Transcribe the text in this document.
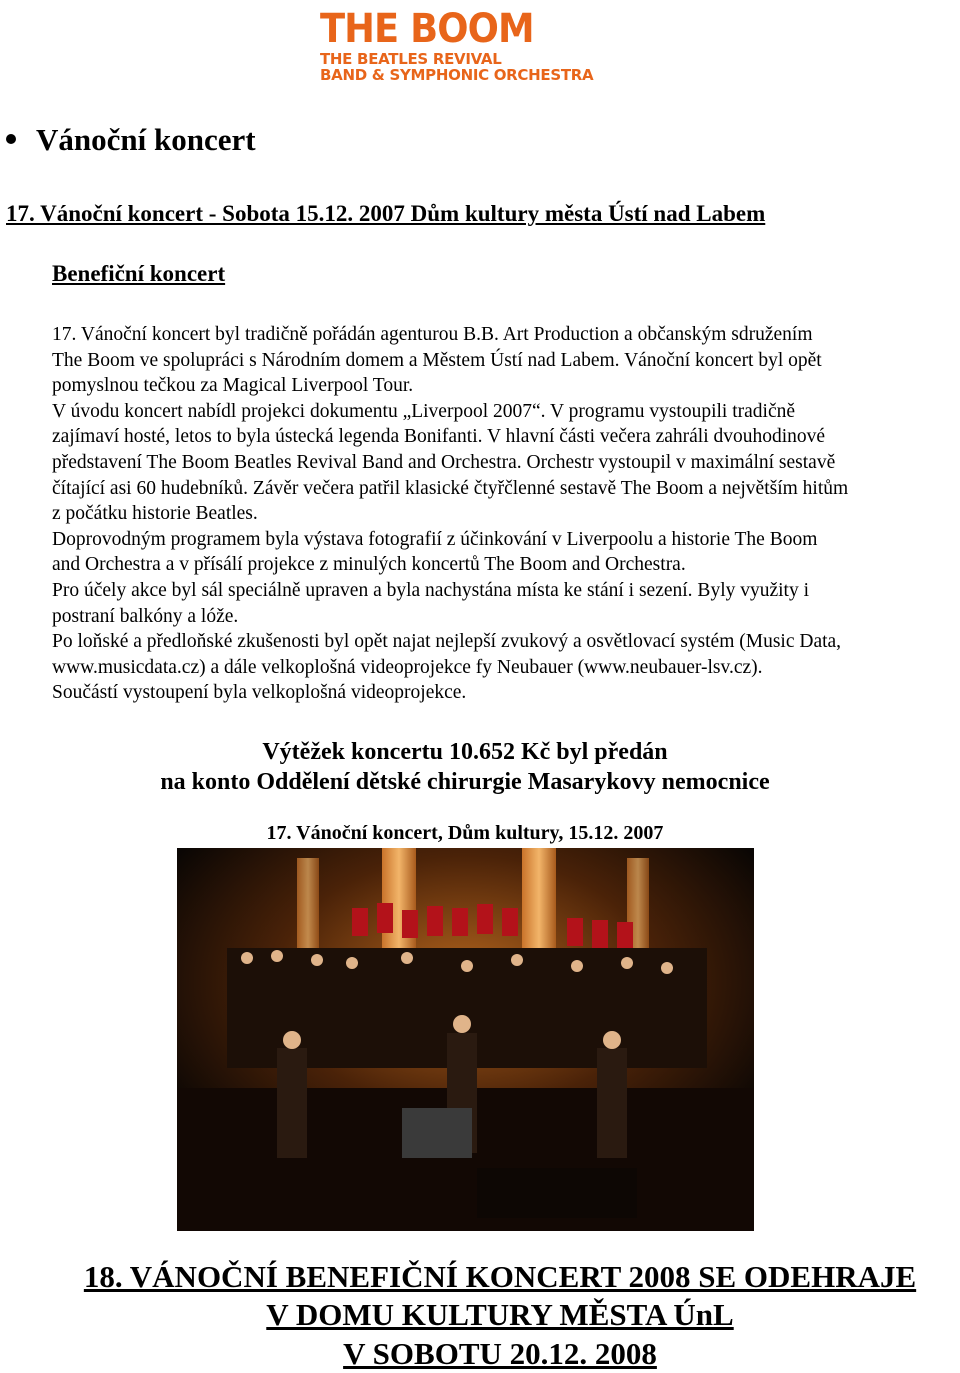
THE BOOM
THE BEATLES REVIVAL
BAND & SYMPHONIC ORCHESTRA
Vánoční koncert
17. Vánoční koncert - Sobota 15.12. 2007 Dům kultury města Ústí nad Labem
Benefiční koncert
17. Vánoční koncert byl tradičně pořádán agenturou B.B. Art Production a občanským sdružením
The Boom ve spolupráci s Národním domem a Městem Ústí nad Labem. Vánoční koncert byl opět
pomyslnou tečkou za Magical Liverpool Tour.
V úvodu koncert nabídl projekci dokumentu „Liverpool 2007“. V programu vystoupili tradičně
zajímaví hosté, letos to byla ústecká legenda Bonifanti. V hlavní části večera zahráli dvouhodinové
představení The Boom Beatles Revival Band and Orchestra. Orchestr vystoupil v maximální sestavě
čítající asi 60 hudebníků. Závěr večera patřil klasické čtyřčlenné sestavě The Boom a největším hitům
z počátku historie Beatles.
Doprovodným programem byla výstava fotografií z účinkování v Liverpoolu a historie The Boom
and Orchestra a v přísálí projekce z minulých koncertů The Boom and Orchestra.
Pro účely akce byl sál speciálně upraven a byla nachystána místa ke stání i sezení. Byly využity i
postraní balkóny a lóže.
Po loňské a předloňské zkušenosti byl opět najat nejlepší zvukový a osvětlovací systém (Music Data,
www.musicdata.cz) a dále velkoplošná videoprojekce fy Neubauer (www.neubauer-lsv.cz).
Součástí vystoupení byla velkoplošná videoprojekce.
Výtěžek koncertu 10.652 Kč byl předán
na konto Oddělení dětské chirurgie Masarykovy nemocnice
17. Vánoční koncert, Dům kultury, 15.12. 2007
18. VÁNOČNÍ BENEFIČNÍ KONCERT 2008 SE ODEHRAJE
V DOMU KULTURY MĚSTA ÚnL
V SOBOTU 20.12. 2008
